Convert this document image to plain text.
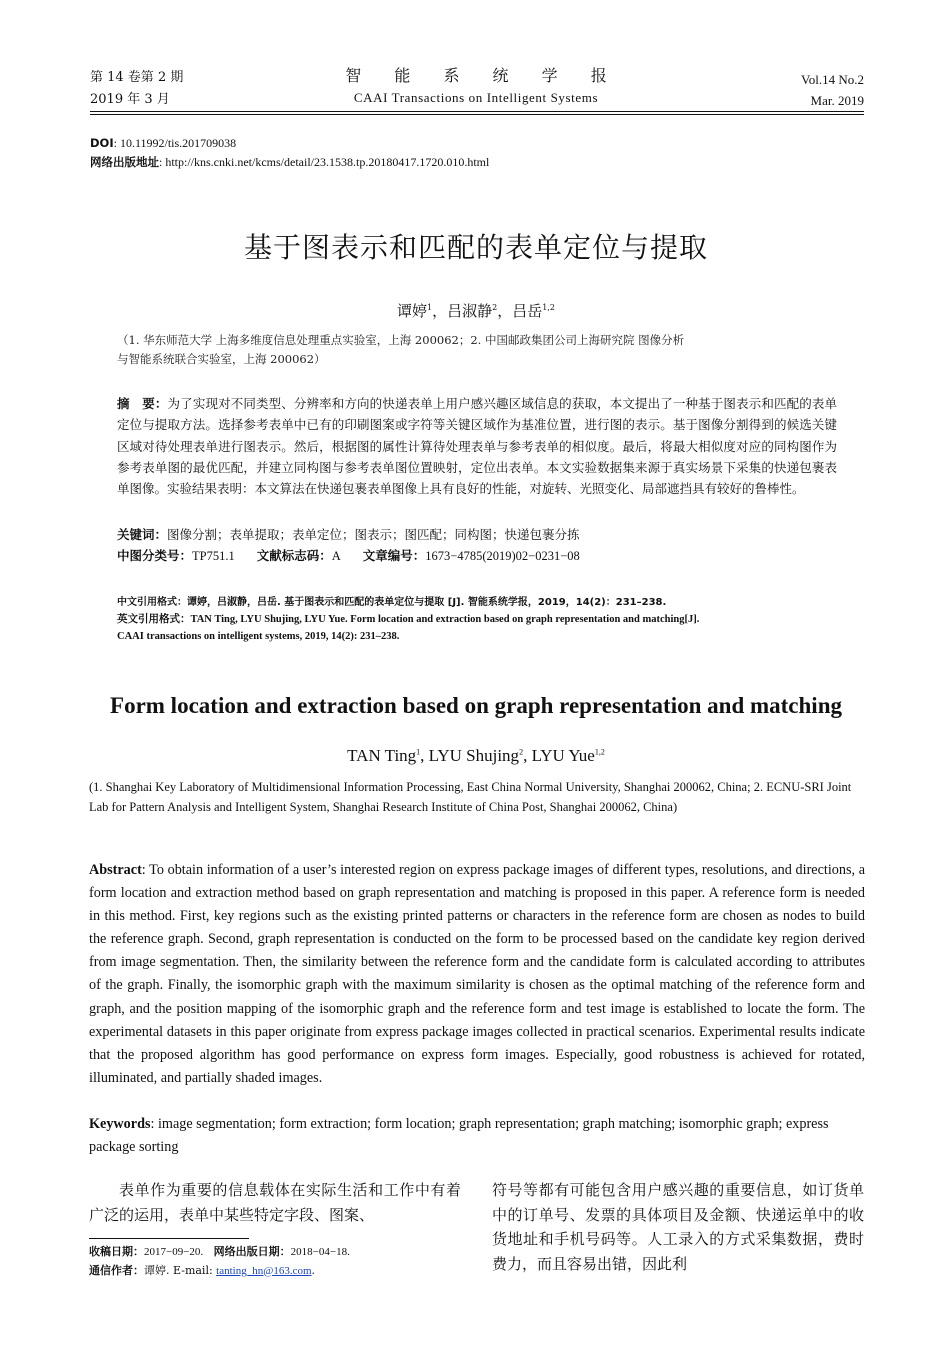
第 14 卷第 2 期
2019 年 3 月
智 能 系 统 学 报
CAAI Transactions on Intelligent Systems
Vol.14 No.2
Mar. 2019
DOI: 10.11992/tis.201709038
网络出版地址: http://kns.cnki.net/kcms/detail/23.1538.tp.20180417.1720.010.html
基于图表示和匹配的表单定位与提取
谭婷$^1$，吕淑静$^2$，吕岳$^{1,2}$
（1. 华东师范大学 上海多维度信息处理重点实验室，上海 200062；2. 中国邮政集团公司上海研究院 图像分析
与智能系统联合实验室，上海 200062）
摘　要：为了实现对不同类型、分辨率和方向的快递表单上用户感兴趣区域信息的获取，本文提出了一种基于图表示和匹配的表单定位与提取方法。选择参考表单中已有的印刷图案或字符等关键区域作为基准位置，进行图的表示。基于图像分割得到的候选关键区域对待处理表单进行图表示。然后，根据图的属性计算待处理表单与参考表单的相似度。最后，将最大相似度对应的同构图作为参考表单图的最优匹配，并建立同构图与参考表单图位置映射，定位出表单。本文实验数据集来源于真实场景下采集的快递包裹表单图像。实验结果表明：本文算法在快递包裹表单图像上具有良好的性能，对旋转、光照变化、局部遮挡具有较好的鲁棒性。
关键词：图像分割；表单提取；表单定位；图表示；图匹配；同构图；快递包裹分拣
中图分类号：TP751.1 文献标志码：A 文章编号：1673−4785(2019)02−0231−08
中文引用格式：谭婷，吕淑静，吕岳. 基于图表示和匹配的表单定位与提取 [J]. 智能系统学报，2019，14(2)：231–238.
英文引用格式：TAN Ting, LYU Shujing, LYU Yue. Form location and extraction based on graph representation and matching[J].
CAAI transactions on intelligent systems, 2019, 14(2): 231–238.
Form location and extraction based on graph representation and matching
TAN Ting$^1$, LYU Shujing$^2$, LYU Yue$^{1,2}$
(1. Shanghai Key Laboratory of Multidimensional Information Processing, East China Normal University, Shanghai 200062, China; 2. ECNU-SRI Joint Lab for Pattern Analysis and Intelligent System, Shanghai Research Institute of China Post, Shanghai 200062, China)
Abstract: To obtain information of a user’s interested region on express package images of different types, resolutions, and directions, a form location and extraction method based on graph representation and matching is proposed in this paper. A reference form is needed in this method. First, key regions such as the existing printed patterns or characters in the reference form are chosen as nodes to build the reference graph. Second, graph representation is conducted on the form to be processed based on the candidate key region derived from image segmentation. Then, the similarity between the reference form and the candidate form is calculated according to attributes of the graph. Finally, the isomorphic graph with the maximum similarity is chosen as the optimal matching of the reference form and graph, and the position mapping of the isomorphic graph and the reference form and test image is established to locate the form. The experimental datasets in this paper originate from express package images collected in practical scenarios. Experimental results indicate that the proposed algorithm has good performance on express form images. Especially, good robustness is achieved for rotated, illuminated, and partially shaded images.
Keywords: image segmentation; form extraction; form location; graph representation; graph matching; isomorphic graph; express package sorting
表单作为重要的信息载体在实际生活和工作中有着广泛的运用，表单中某些特定字段、图案、
符号等都有可能包含用户感兴趣的重要信息，如订货单中的订单号、发票的具体项目及金额、快递运单中的收货地址和手机号码等。人工录入的方式采集数据，费时费力，而且容易出错，因此利
收稿日期：2017−09−20. 网络出版日期：2018−04−18.
通信作者：谭婷. E-mail: tanting_hn@163.com.
